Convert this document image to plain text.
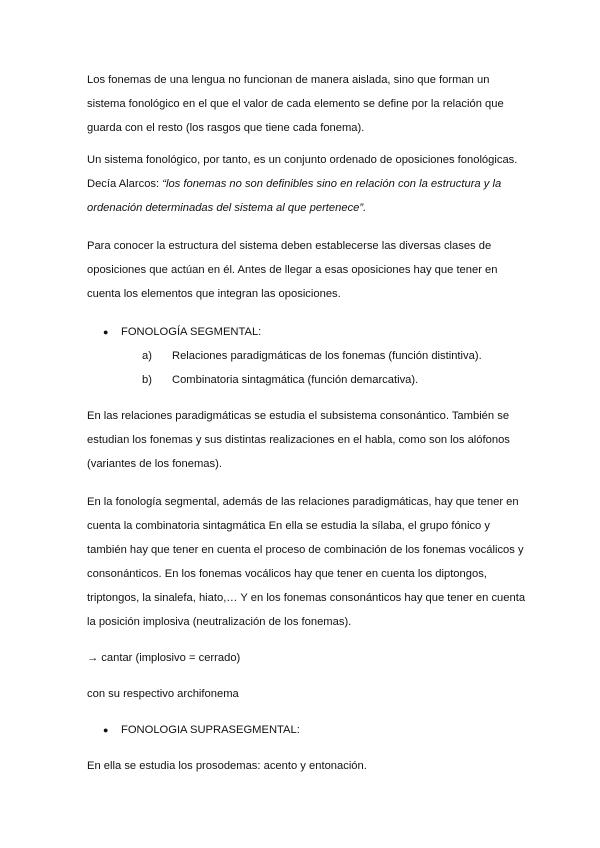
Los fonemas de una lengua no funcionan de manera aislada, sino que forman un sistema fonológico en el que el valor de cada elemento se define por la relación que guarda con el resto (los rasgos que tiene cada fonema).

Un sistema fonológico, por tanto, es un conjunto ordenado de oposiciones fonológicas. Decía Alarcos: “los fonemas no son definibles sino en relación con la estructura y la ordenación determinadas del sistema al que pertenece”.

Para conocer la estructura del sistema deben establecerse las diversas clases de oposiciones que actúan en él. Antes de llegar a esas oposiciones hay que tener en cuenta los elementos que integran las oposiciones.

● FONOLOGÍA SEGMENTAL:
a) Relaciones paradigmáticas de los fonemas (función distintiva).
b) Combinatoria sintagmática (función demarcativa).

En las relaciones paradigmáticas se estudia el subsistema consonántico. También se estudian los fonemas y sus distintas realizaciones en el habla, como son los alófonos (variantes de los fonemas).

En la fonología segmental, además de las relaciones paradigmáticas, hay que tener en cuenta la combinatoria sintagmática En ella se estudia la sílaba, el grupo fónico y también hay que tener en cuenta el proceso de combinación de los fonemas vocálicos y consonánticos. En los fonemas vocálicos hay que tener en cuenta los diptongos, triptongos, la sinalefa, hiato,… Y en los fonemas consonánticos hay que tener en cuenta la posición implosiva (neutralización de los fonemas).

→ cantar (implosivo = cerrado)

con su respectivo archifonema

● FONOLOGIA SUPRASEGMENTAL:

En ella se estudia los prosodemas: acento y entonación.
